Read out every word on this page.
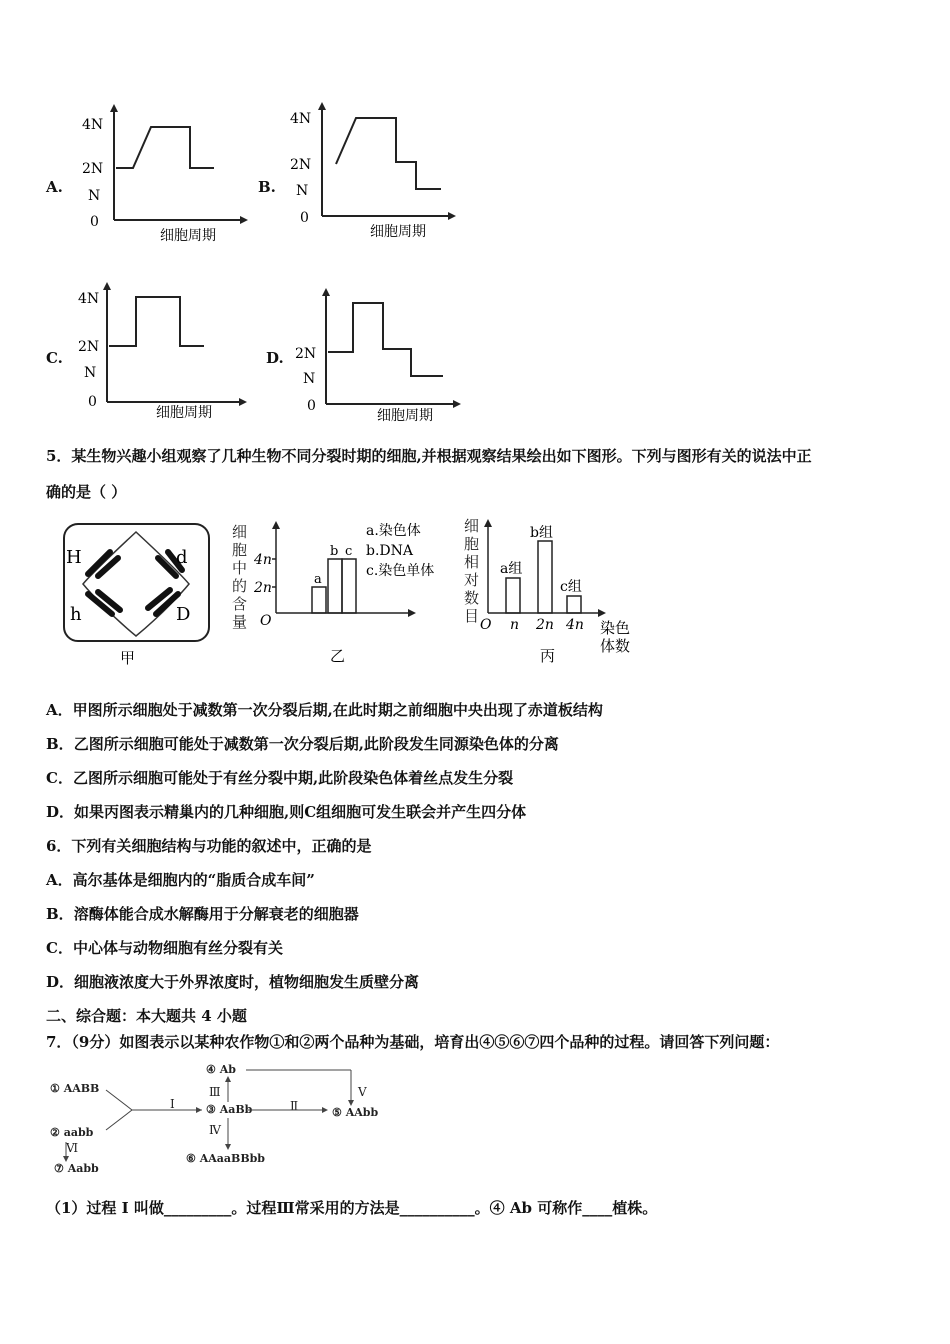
A.
4N
2N
N
0
细胞周期
B.
4N
2N
N
0
细胞周期
C.
4N
2N
N
0
细胞周期
D. 2N
N
0
细胞周期
5．某生物兴趣小组观察了几种生物不同分裂时期的细胞,并根据观察结果绘出如下图形。下列与图形有关的说法中正
确的是（ ）
H	d
h	D
甲
细
胞
中
的
含
量
4n
2n
O
a
b c
a.染色体
b.DNA
c.染色单体
乙
细
胞
相
对
数
目
a组
b组
c组
O n 2n 4n 染色
体数
丙
A．甲图所示细胞处于减数第一次分裂后期,在此时期之前细胞中央出现了赤道板结构
B．乙图所示细胞可能处于减数第一次分裂后期,此阶段发生同源染色体的分离
C．乙图所示细胞可能处于有丝分裂中期,此阶段染色体着丝点发生分裂
D．如果丙图表示精巢内的几种细胞,则C组细胞可发生联会并产生四分体
6．下列有关细胞结构与功能的叙述中，正确的是
A．高尔基体是细胞内的“脂质合成车间”
B．溶酶体能合成水解酶用于分解衰老的细胞器
C．中心体与动物细胞有丝分裂有关
D．细胞液浓度大于外界浓度时，植物细胞发生质壁分离
二、综合题：本大题共 4 小题
7．（9分）如图表示以某种农作物①和②两个品种为基础，培育出④⑤⑥⑦四个品种的过程。请回答下列问题：
① AABB
② aabb
③ AaBb
④ Ab
⑤ AAbb
⑥ AAaaBBbb
⑦ Aabb
I	Ⅱ
Ⅲ
Ⅳ
Ⅴ
Ⅵ
（1）过程 I 叫做_________。过程Ⅲ常采用的方法是__________。④ Ab 可称作____植株。
